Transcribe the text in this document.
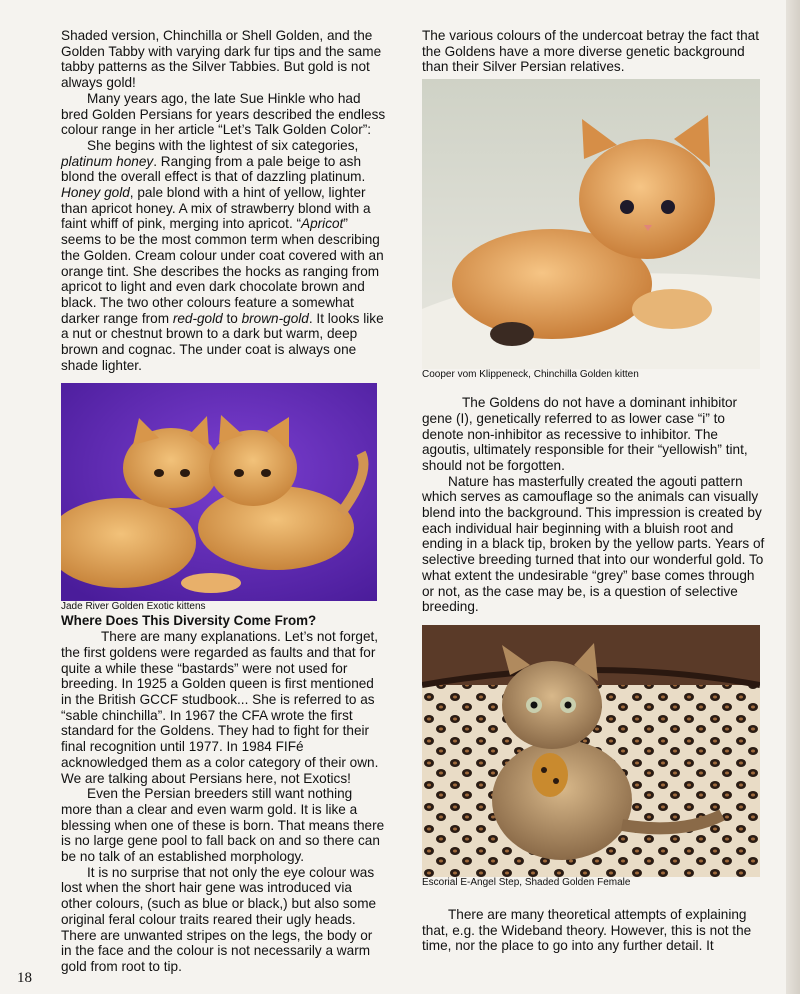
Shaded version, Chinchilla or Shell Golden, and the Golden Tabby with varying dark fur tips and the same tabby patterns as the Silver Tabbies. But gold is not always gold!

Many years ago, the late Sue Hinkle who had bred Golden Persians for years described the endless colour range in her article “Let’s Talk Golden Color”:

She begins with the lightest of six categories, platinum honey. Ranging from a pale beige to ash blond the overall effect is that of dazzling platinum. Honey gold, pale blond with a hint of yellow, lighter than apricot honey. A mix of strawberry blond with a faint whiff of pink, merging into apricot. “Apricot” seems to be the most common term when describing the Golden. Cream colour under coat covered with an orange tint. She describes the hocks as ranging from apricot to light and even dark chocolate brown and black. The two other colours feature a somewhat darker range from red-gold to brown-gold. It looks like a nut or chestnut brown to a dark but warm, deep brown and cognac. The under coat is always one shade lighter.

Jade River Golden Exotic kittens

Where Does This Diversity Come From?

There are many explanations. Let’s not forget, the first goldens were regarded as faults and that for quite a while these “bastards” were not used for breeding. In 1925 a Golden queen is first mentioned in the British GCCF studbook... She is referred to as “sable chinchilla”. In 1967 the CFA wrote the first standard for the Goldens. They had to fight for their final recognition until 1977. In 1984 FIFé acknowledged them as a color category of their own. We are talking about Persians here, not Exotics!

Even the Persian breeders still want nothing more than a clear and even warm gold. It is like a blessing when one of these is born. That means there is no large gene pool to fall back on and so there can be no talk of an established morphology.

It is no surprise that not only the eye colour was lost when the short hair gene was introduced via other colours, (such as blue or black,) but also some original feral colour traits reared their ugly heads. There are unwanted stripes on the legs, the body or in the face and the colour is not necessarily a warm gold from root to tip.

The various colours of the undercoat betray the fact that the Goldens have a more diverse genetic background than their Silver Persian relatives.

Cooper vom Klippeneck, Chinchilla Golden kitten

The Goldens do not have a dominant inhibitor gene (I), genetically referred to as lower case “i” to denote non-inhibitor as recessive to inhibitor. The agoutis, ultimately responsible for their “yellowish” tint, should not be forgotten.

Nature has masterfully created the agouti pattern which serves as camouflage so the animals can visually blend into the background. This impression is created by each individual hair beginning with a bluish root and ending in a black tip, broken by the yellow parts. Years of selective breeding turned that into our wonderful gold. To what extent the undesirable “grey” base comes through or not, as the case may be, is a question of selective breeding.

Escorial E-Angel Step, Shaded Golden Female

There are many theoretical attempts of explaining that, e.g. the Wideband theory. However, this is not the time, nor the place to go into any further detail. It

18
